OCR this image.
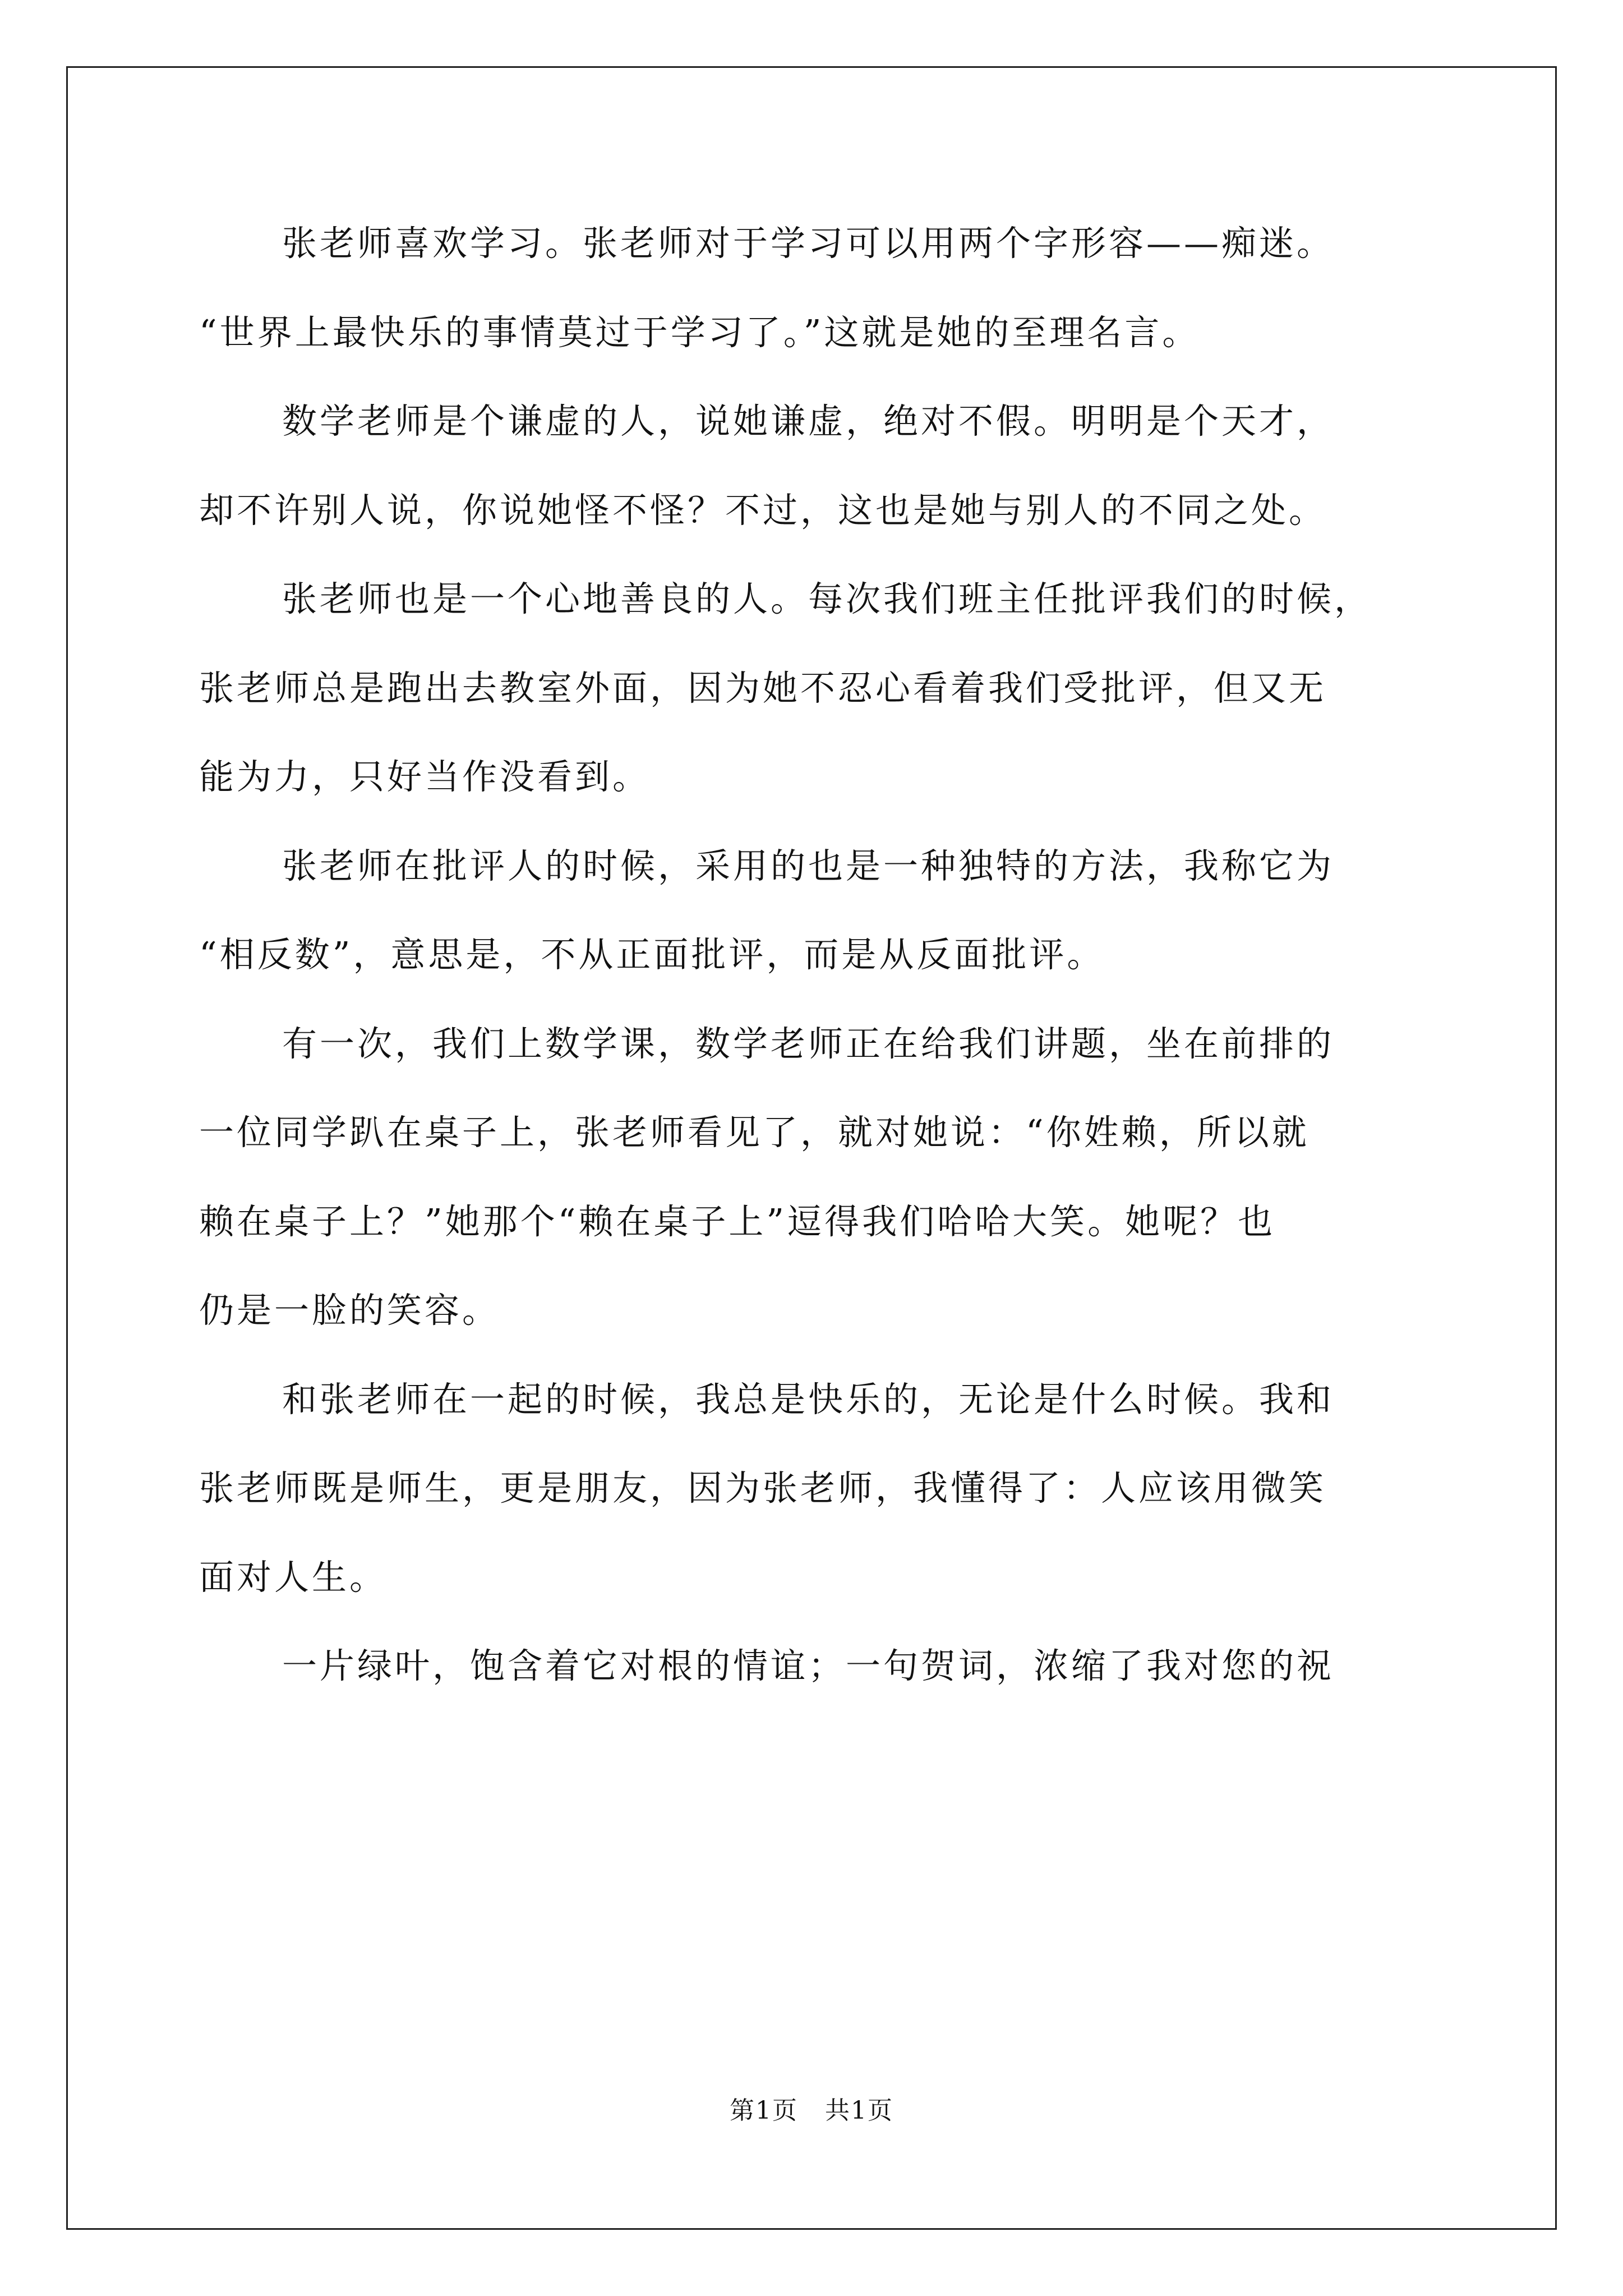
张老师喜欢学习。张老师对于学习可以用两个字形容——痴迷。
“世界上最快乐的事情莫过于学习了。”这就是她的至理名言。

数学老师是个谦虚的人，说她谦虚，绝对不假。明明是个天才，
却不许别人说，你说她怪不怪？不过，这也是她与别人的不同之处。

张老师也是一个心地善良的人。每次我们班主任批评我们的时候，
张老师总是跑出去教室外面，因为她不忍心看着我们受批评，但又无
能为力，只好当作没看到。

张老师在批评人的时候，采用的也是一种独特的方法，我称它为
“相反数”，意思是，不从正面批评，而是从反面批评。

有一次，我们上数学课，数学老师正在给我们讲题，坐在前排的
一位同学趴在桌子上，张老师看见了，就对她说：“你姓赖，所以就
赖在桌子上？”她那个“赖在桌子上”逗得我们哈哈大笑。她呢？也
仍是一脸的笑容。

和张老师在一起的时候，我总是快乐的，无论是什么时候。我和
张老师既是师生，更是朋友，因为张老师，我懂得了：人应该用微笑
面对人生。

一片绿叶，饱含着它对根的情谊；一句贺词，浓缩了我对您的祝

第1页   共1页
